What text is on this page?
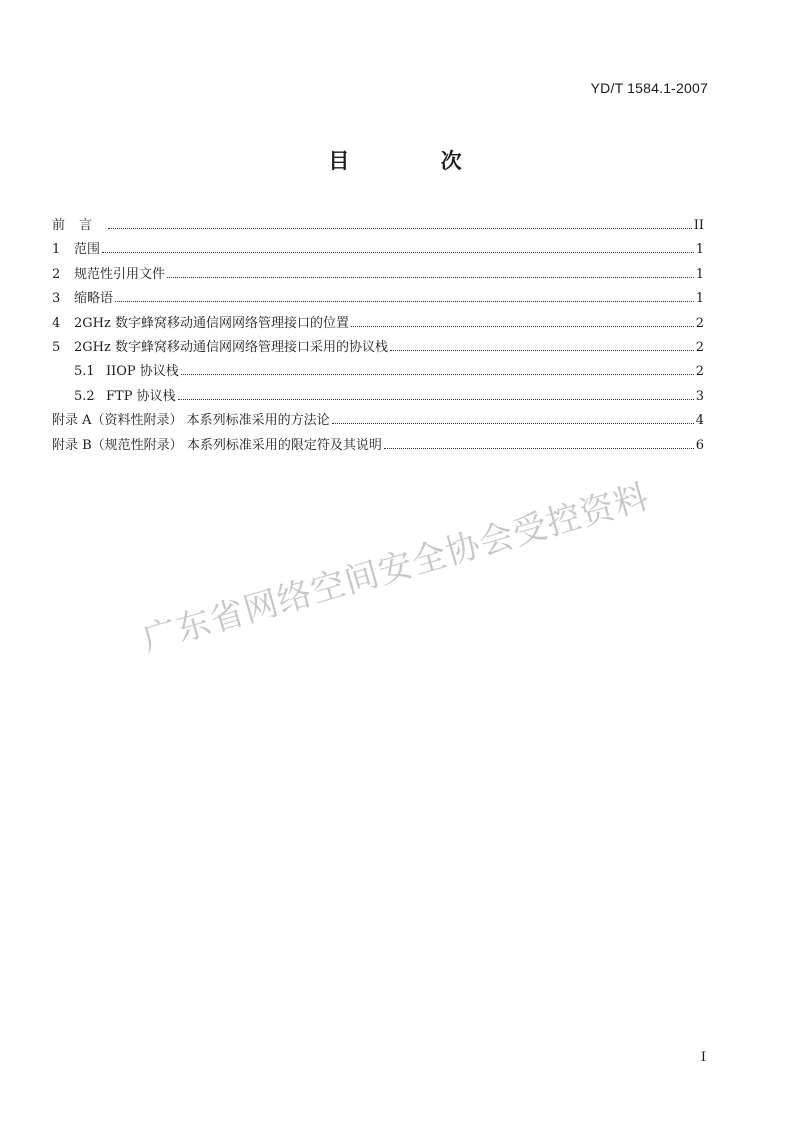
YD/T 1584.1-2007
目 次
前言	II
1 范围	1
2 规范性引用文件	1
3 缩略语	1
4 2GHz 数字蜂窝移动通信网网络管理接口的位置	2
5 2GHz 数字蜂窝移动通信网网络管理接口采用的协议栈	2
5.1 IIOP 协议栈	2
5.2 FTP 协议栈	3
附录 A（资料性附录） 本系列标准采用的方法论	4
附录 B（规范性附录） 本系列标准采用的限定符及其说明	6
广东省网络空间安全协会受控资料
I
